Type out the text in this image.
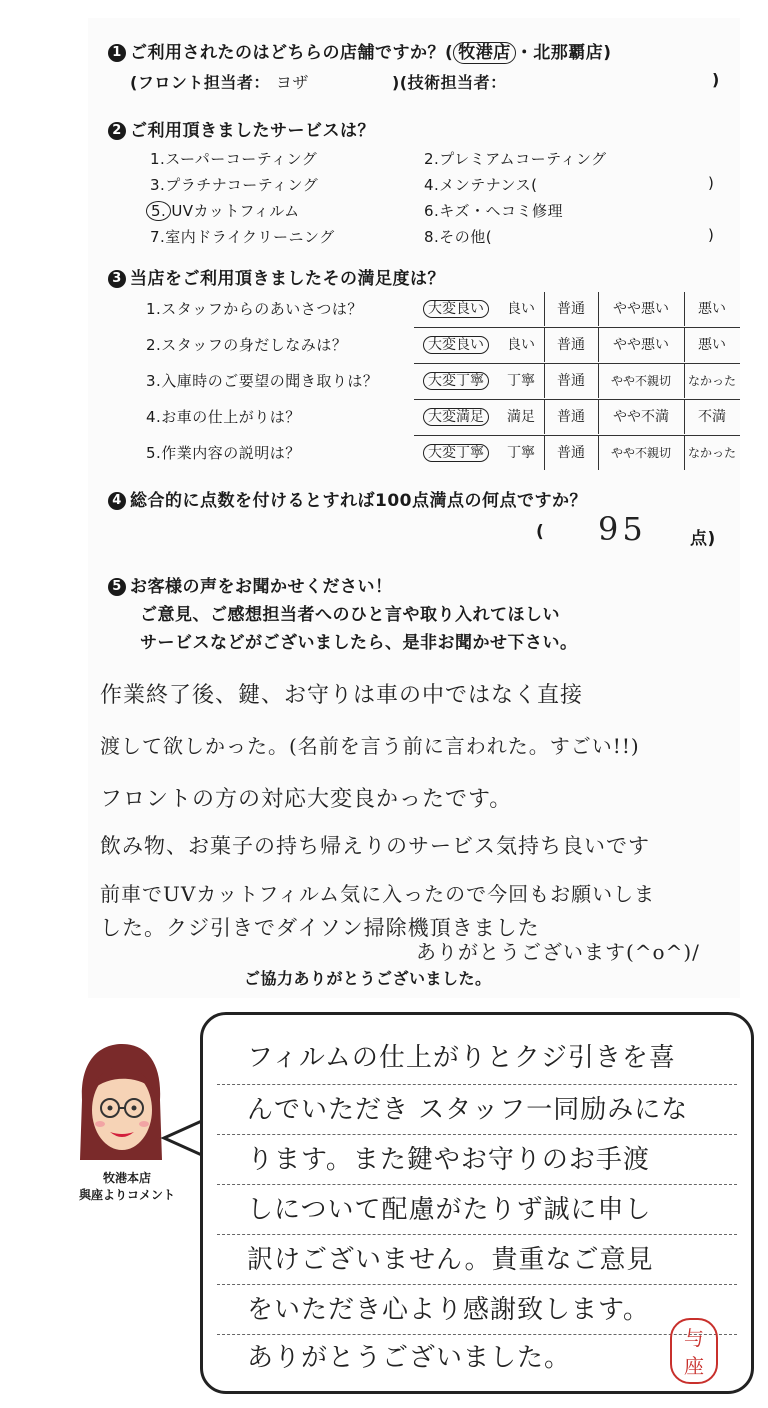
1 ご利用されたのはどちらの店舗ですか？( 牧港店 ・北那覇店)
(フロント担当者： ヨザ	)(技術担当者：	)
2 ご利用頂きましたサービスは？
1.スーパーコーティング	2.プレミアムコーティング
3.プラチナコーティング	4.メンテナンス(	)
5. UVカットフィルム	6.キズ・ヘコミ修理
7.室内ドライクリーニング	8.その他(	)
3 当店をご利用頂きましたその満足度は？
1.スタッフからのあいさつは？	大変良い	良い	普通	やや悪い	悪い
2.スタッフの身だしなみは？	大変良い	良い	普通	やや悪い	悪い
3.入庫時のご要望の聞き取りは？	大変丁寧	丁寧	普通	やや不親切	なかった
4.お車の仕上がりは？	大変満足	満足	普通	やや不満	不満
5.作業内容の説明は？	大変丁寧	丁寧	普通	やや不親切	なかった
4 総合的に点数を付けるとすれば100点満点の何点ですか？
( 95	点)
5 お客様の声をお聞かせください！
ご意見、ご感想担当者へのひと言や取り入れてほしい
サービスなどがございましたら、是非お聞かせ下さい。
作業終了後、鍵、お守りは車の中ではなく直接
渡して欲しかった。(名前を言う前に言われた。すごい!!)
フロントの方の対応大変良かったです。
飲み物、お菓子の持ち帰えりのサービス気持ち良いです
前車でUVカットフィルム気に入ったので今回もお願いしま
した。クジ引きでダイソン掃除機頂きました
ありがとうございます(^o^)/
ご協力ありがとうございました。
牧港本店
與座よりコメント
フィルムの仕上がりとクジ引きを喜
んでいただき スタッフ一同励みにな
ります。また鍵やお守りのお手渡
しについて配慮がたりず誠に申し
訳けございません。貴重なご意見
をいただき心より感謝致します。
ありがとうございました。
与
座
